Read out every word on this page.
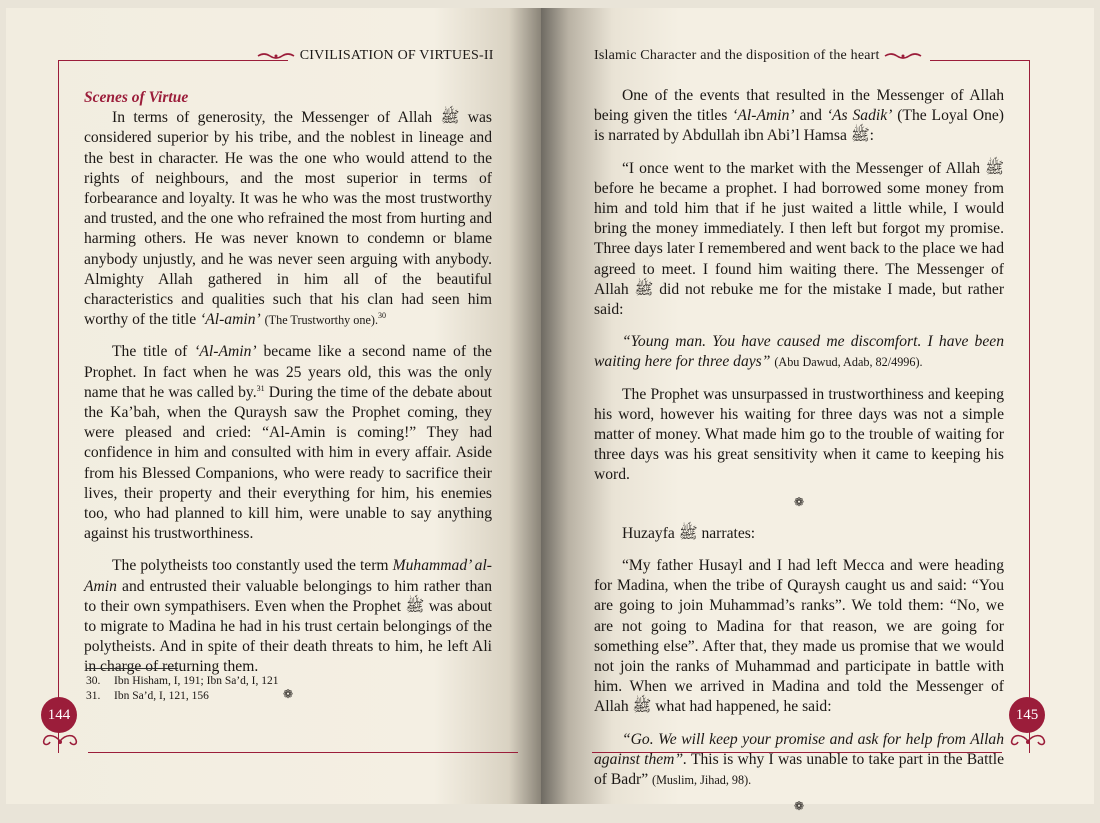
CIVILISATION OF VIRTUES-II

Scenes of Virtue

In terms of generosity, the Messenger of Allah ﷺ was considered superior by his tribe, and the noblest in lineage and the best in character. He was the one who would attend to the rights of neighbours, and the most superior in terms of forbearance and loyalty. It was he who was the most trustworthy and trusted, and the one who refrained the most from hurting and harming others. He was never known to condemn or blame anybody unjustly, and he was never seen arguing with anybody. Almighty Allah gathered in him all of the beautiful characteristics and qualities such that his clan had seen him worthy of the title ‘Al-amin’ (The Trustworthy one).$^{30}$

The title of ‘Al-Amin’ became like a second name of the Prophet. In fact when he was 25 years old, this was the only name that he was called by.$^{31}$ During the time of the debate about the Ka’bah, when the Quraysh saw the Prophet coming, they were pleased and cried: “Al-Amin is coming!” They had confidence in him and consulted with him in every affair. Aside from his Blessed Companions, who were ready to sacrifice their lives, their property and their everything for him, his enemies too, who had planned to kill him, were unable to say anything against his trustworthiness.

The polytheists too constantly used the term Muhammad’ al-Amin and entrusted their valuable belongings to him rather than to their own sympathisers. Even when the Prophet ﷺ was about to migrate to Madina he had in his trust certain belongings of the polytheists. And in spite of their death threats to him, he left Ali in charge of returning them.

❁

30. Ibn Hisham, I, 191; Ibn Sa’d, I, 121
31. Ibn Sa’d, I, 121, 156
144
Islamic Character and the disposition of the heart

One of the events that resulted in the Messenger of Allah being given the titles ‘Al-Amin’ and ‘As Sadik’ (The Loyal One) is narrated by Abdullah ibn Abi’l Hamsa ﷺ:

“I once went to the market with the Messenger of Allah ﷺ before he became a prophet. I had borrowed some money from him and told him that if he just waited a little while, I would bring the money immediately. I then left but forgot my promise. Three days later I remembered and went back to the place we had agreed to meet. I found him waiting there. The Messenger of Allah ﷺ did not rebuke me for the mistake I made, but rather said:

“Young man. You have caused me discomfort. I have been waiting here for three days” (Abu Dawud, Adab, 82/4996).

The Prophet was unsurpassed in trustworthiness and keeping his word, however his waiting for three days was not a simple matter of money. What made him go to the trouble of waiting for three days was his great sensitivity when it came to keeping his word.

❁

Huzayfa ﷺ narrates:

“My father Husayl and I had left Mecca and were heading for Madina, when the tribe of Quraysh caught us and said: “You are going to join Muhammad’s ranks”. We told them: “No, we are not going to Madina for that reason, we are going for something else”. After that, they made us promise that we would not join the ranks of Muhammad and participate in battle with him. When we arrived in Madina and told the Messenger of Allah ﷺ what had happened, he said:

“Go. We will keep your promise and ask for help from Allah against them”. This is why I was unable to take part in the Battle of Badr” (Muslim, Jihad, 98).

❁

145
